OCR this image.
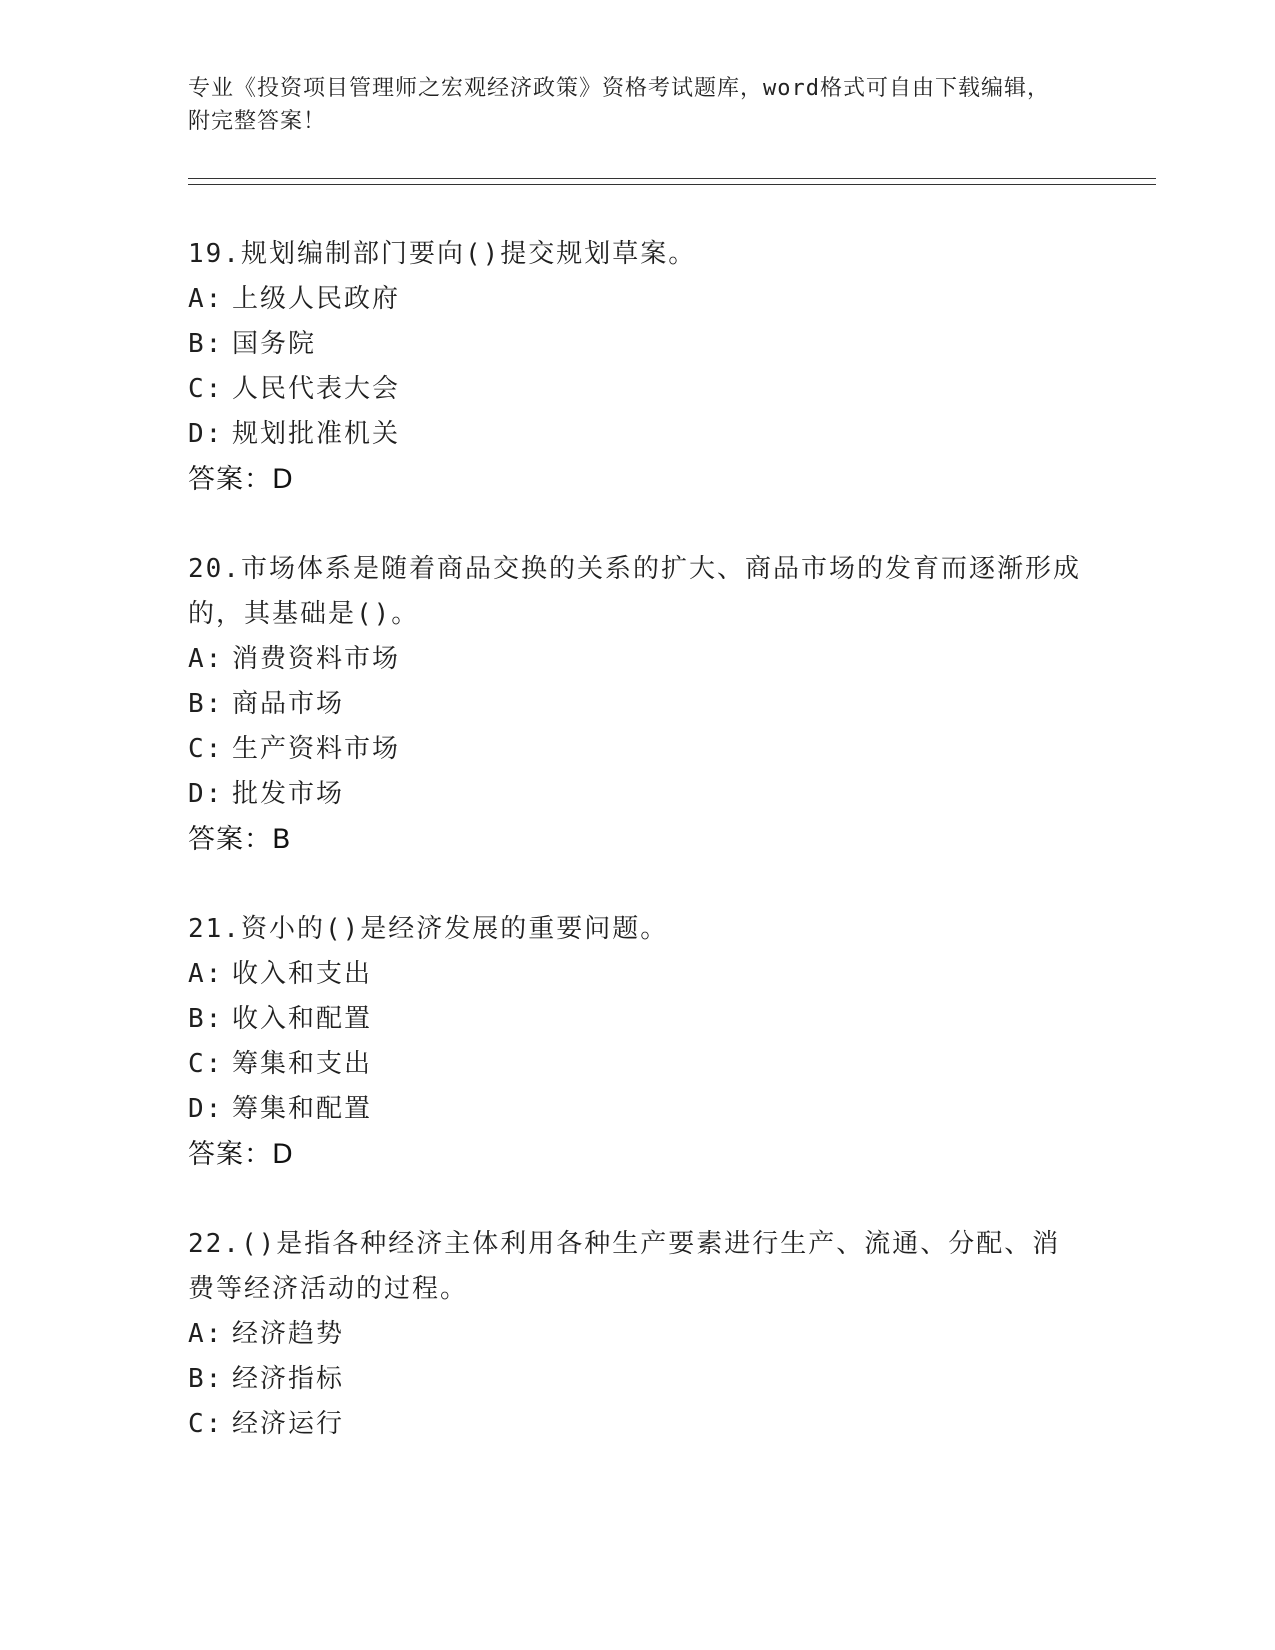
专业《投资项目管理师之宏观经济政策》资格考试题库，word格式可自由下载编辑，附完整答案！
19.规划编制部门要向()提交规划草案。
A: 上级人民政府
B: 国务院
C: 人民代表大会
D: 规划批准机关
答案：D
20.市场体系是随着商品交换的关系的扩大、商品市场的发育而逐渐形成的，其基础是()。
A: 消费资料市场
B: 商品市场
C: 生产资料市场
D: 批发市场
答案：B
21.资小的()是经济发展的重要问题。
A: 收入和支出
B: 收入和配置
C: 筹集和支出
D: 筹集和配置
答案：D
22.()是指各种经济主体利用各种生产要素进行生产、流通、分配、消费等经济活动的过程。
A: 经济趋势
B: 经济指标
C: 经济运行
